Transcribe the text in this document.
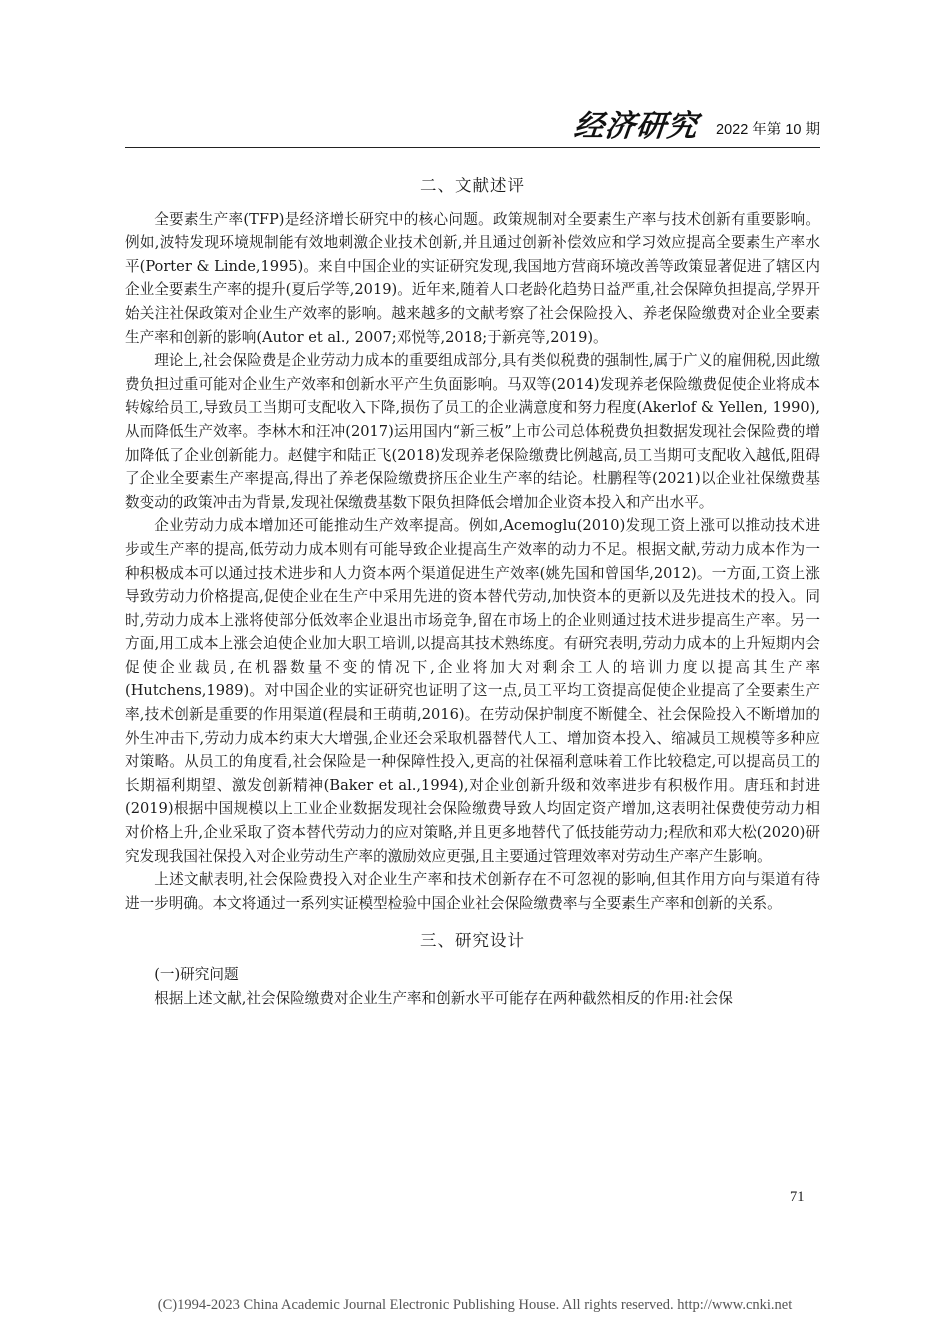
经济研究 2022 年第 10 期
二、文献述评

全要素生产率(TFP)是经济增长研究中的核心问题。政策规制对全要素生产率与技术创新有重要影响。例如,波特发现环境规制能有效地刺激企业技术创新,并且通过创新补偿效应和学习效应提高全要素生产率水平(Porter & Linde,1995)。来自中国企业的实证研究发现,我国地方营商环境改善等政策显著促进了辖区内企业全要素生产率的提升(夏后学等,2019)。近年来,随着人口老龄化趋势日益严重,社会保障负担提高,学界开始关注社保政策对企业生产效率的影响。越来越多的文献考察了社会保险投入、养老保险缴费对企业全要素生产率和创新的影响(Autor et al., 2007;邓悦等,2018;于新亮等,2019)。

理论上,社会保险费是企业劳动力成本的重要组成部分,具有类似税费的强制性,属于广义的雇佣税,因此缴费负担过重可能对企业生产效率和创新水平产生负面影响。马双等(2014)发现养老保险缴费促使企业将成本转嫁给员工,导致员工当期可支配收入下降,损伤了员工的企业满意度和努力程度(Akerlof & Yellen, 1990),从而降低生产效率。李林木和汪冲(2017)运用国内“新三板”上市公司总体税费负担数据发现社会保险费的增加降低了企业创新能力。赵健宇和陆正飞(2018)发现养老保险缴费比例越高,员工当期可支配收入越低,阻碍了企业全要素生产率提高,得出了养老保险缴费挤压企业生产率的结论。杜鹏程等(2021)以企业社保缴费基数变动的政策冲击为背景,发现社保缴费基数下限负担降低会增加企业资本投入和产出水平。

企业劳动力成本增加还可能推动生产效率提高。例如,Acemoglu(2010)发现工资上涨可以推动技术进步或生产率的提高,低劳动力成本则有可能导致企业提高生产效率的动力不足。根据文献,劳动力成本作为一种积极成本可以通过技术进步和人力资本两个渠道促进生产效率(姚先国和曾国华,2012)。一方面,工资上涨导致劳动力价格提高,促使企业在生产中采用先进的资本替代劳动,加快资本的更新以及先进技术的投入。同时,劳动力成本上涨将使部分低效率企业退出市场竞争,留在市场上的企业则通过技术进步提高生产率。另一方面,用工成本上涨会迫使企业加大职工培训,以提高其技术熟练度。有研究表明,劳动力成本的上升短期内会促使企业裁员,在机器数量不变的情况下,企业将加大对剩余工人的培训力度以提高其生产率(Hutchens,1989)。对中国企业的实证研究也证明了这一点,员工平均工资提高促使企业提高了全要素生产率,技术创新是重要的作用渠道(程晨和王萌萌,2016)。在劳动保护制度不断健全、社会保险投入不断增加的外生冲击下,劳动力成本约束大大增强,企业还会采取机器替代人工、增加资本投入、缩减员工规模等多种应对策略。从员工的角度看,社会保险是一种保障性投入,更高的社保福利意味着工作比较稳定,可以提高员工的长期福利期望、激发创新精神(Baker et al.,1994),对企业创新升级和效率进步有积极作用。唐珏和封进(2019)根据中国规模以上工业企业数据发现社会保险缴费导致人均固定资产增加,这表明社保费使劳动力相对价格上升,企业采取了资本替代劳动力的应对策略,并且更多地替代了低技能劳动力;程欣和邓大松(2020)研究发现我国社保投入对企业劳动生产率的激励效应更强,且主要通过管理效率对劳动生产率产生影响。

上述文献表明,社会保险费投入对企业生产率和技术创新存在不可忽视的影响,但其作用方向与渠道有待进一步明确。本文将通过一系列实证模型检验中国企业社会保险缴费率与全要素生产率和创新的关系。

三、研究设计

(一)研究问题

根据上述文献,社会保险缴费对企业生产率和创新水平可能存在两种截然相反的作用:社会保

71
(C)1994-2023 China Academic Journal Electronic Publishing House. All rights reserved. http://www.cnki.net
